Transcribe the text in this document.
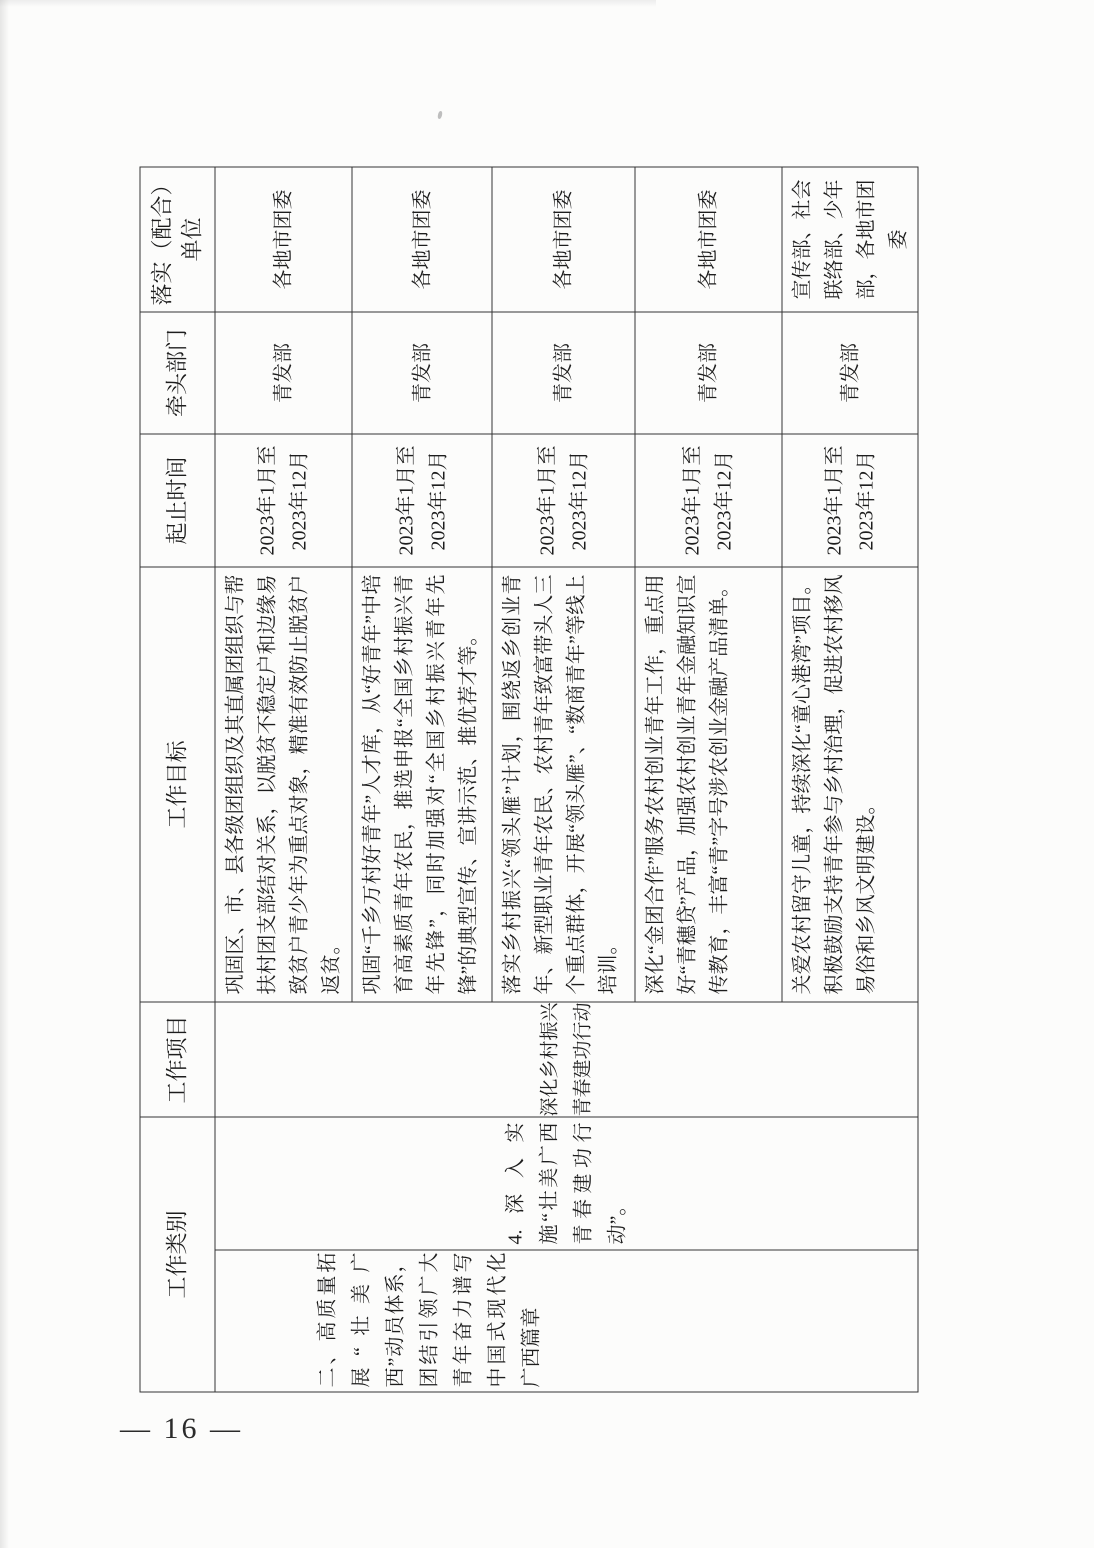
工作类别		工作项目	工作目标	起止时间	牵头部门	落实（配合）单位
二、高质量拓展“壮美广西”动员体系，团结引领广大青年奋力谱写中国式现代化广西篇章	4.深入实施“壮美广西青春建功行动”。	深化乡村振兴青春建功行动	巩固区、市、县各级团组织及其直属团组织与帮扶村团支部结对关系，以脱贫不稳定户和边缘易致贫户青少年为重点对象，精准有效防止脱贫户返贫。	2023年1月至2023年12月	青发部	各地市团委
			巩固“千乡万村好青年”人才库，从“好青年”中培育高素质青年农民，推选申报“全国乡村振兴青年先锋”，同时加强对“全国乡村振兴青年先锋”的典型宣传、宣讲示范、推优荐才等。	2023年1月至2023年12月	青发部	各地市团委
			落实乡村振兴“领头雁”计划，围绕返乡创业青年、新型职业青年农民、农村青年致富带头人三个重点群体，开展“领头雁”、“数商青年”等线上培训。	2023年1月至2023年12月	青发部	各地市团委
			深化“金团合作”服务农村创业青年工作，重点用好“青穗贷”产品，加强农村创业青年金融知识宣传教育，丰富“青”字号涉农创业金融产品清单。	2023年1月至2023年12月	青发部	各地市团委
			关爱农村留守儿童，持续深化“童心港湾”项目。积极鼓励支持青年参与乡村治理，促进农村移风易俗和乡风文明建设。	2023年1月至2023年12月	青发部	宣传部、社会联络部、少年部，各地市团委
— 16 —
